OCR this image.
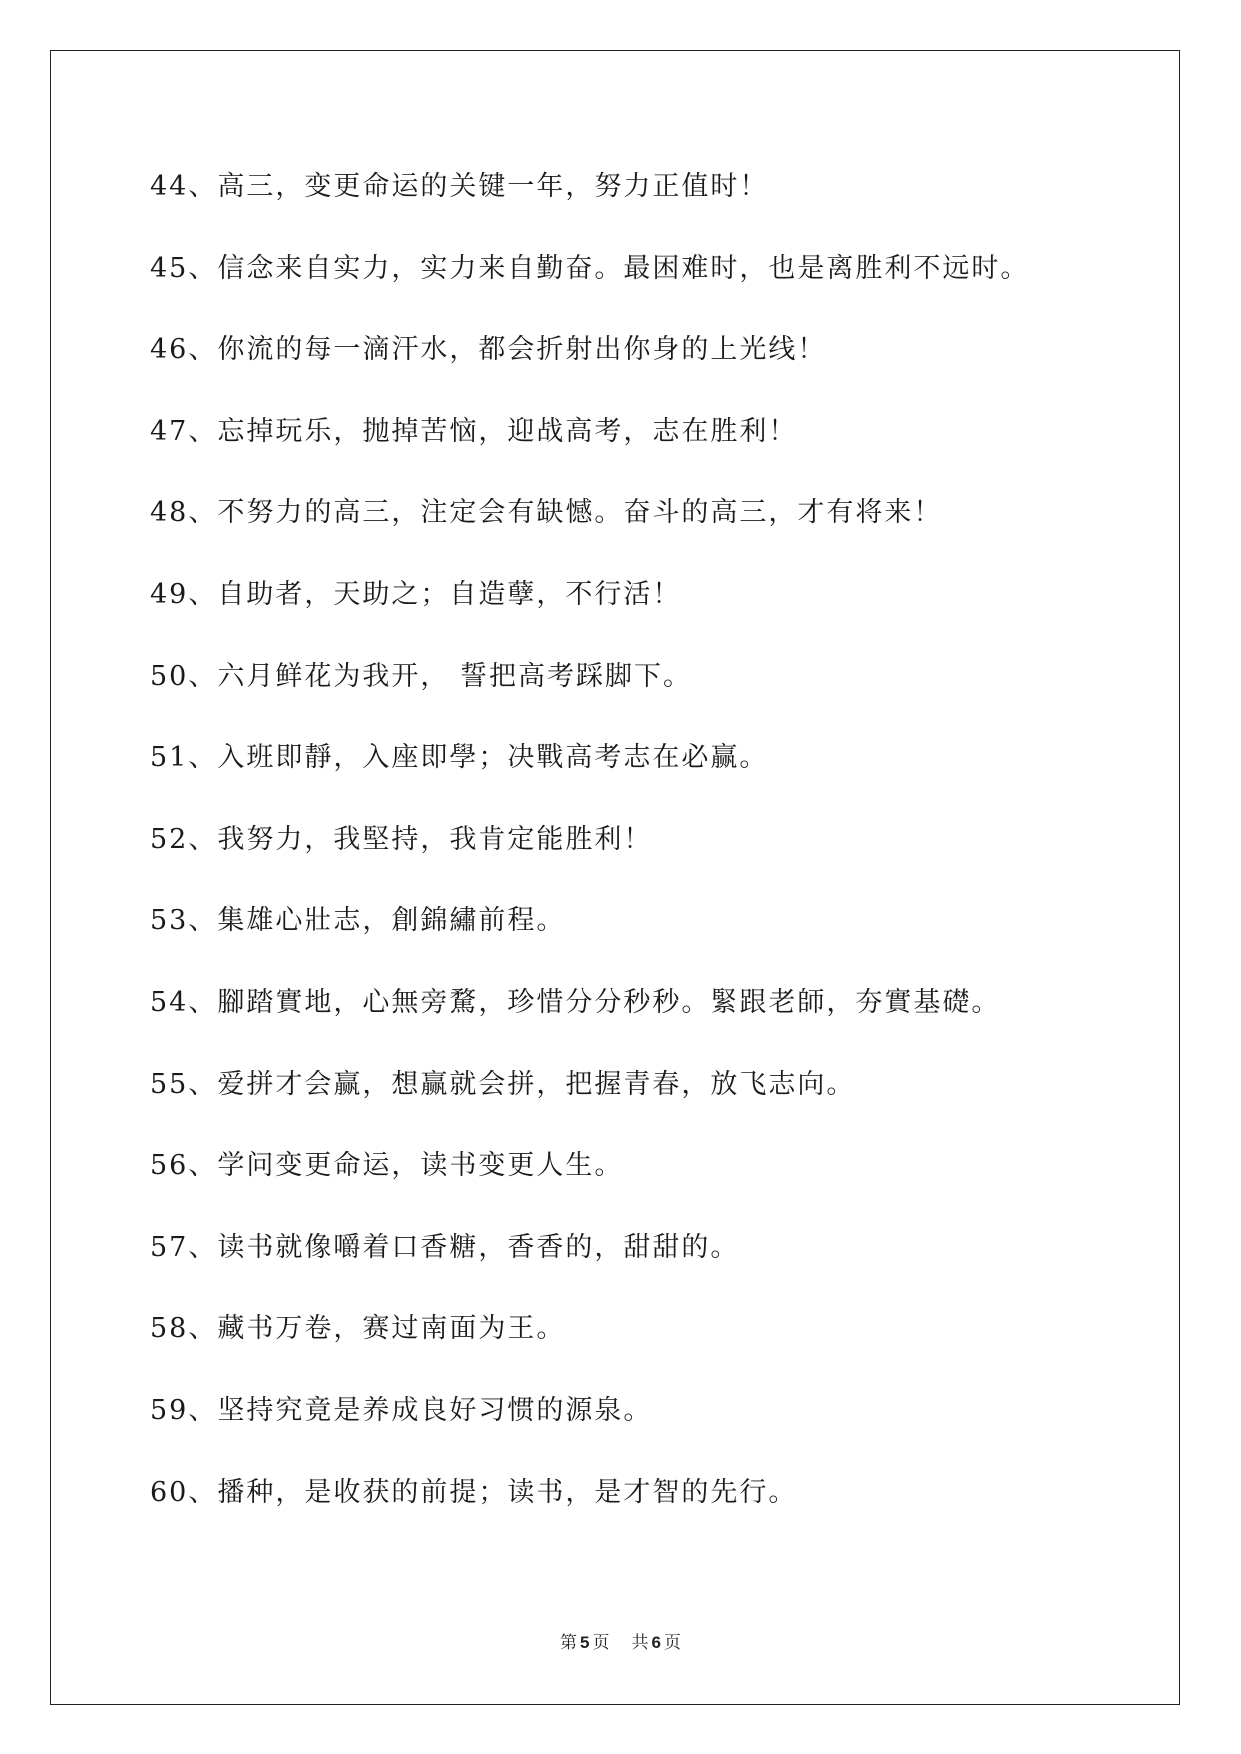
44、高三，变更命运的关键一年，努力正值时！
45、信念来自实力，实力来自勤奋。最困难时，也是离胜利不远时。
46、你流的每一滴汗水，都会折射出你身的上光线！
47、忘掉玩乐，抛掉苦恼，迎战高考，志在胜利！
48、不努力的高三，注定会有缺憾。奋斗的高三，才有将来！
49、自助者，天助之；自造孽，不行活！
50、六月鲜花为我开， 誓把高考踩脚下。
51、入班即靜，入座即學；决戰高考志在必赢。
52、我努力，我堅持，我肯定能胜利！
53、集雄心壯志，創錦繡前程。
54、腳踏實地，心無旁騖，珍惜分分秒秒。緊跟老師，夯實基礎。
55、爱拼才会赢，想赢就会拼，把握青春，放飞志向。
56、学问变更命运，读书变更人生。
57、读书就像嚼着口香糖，香香的，甜甜的。
58、藏书万卷，赛过南面为王。
59、坚持究竟是养成良好习惯的源泉。
60、播种，是收获的前提；读书，是才智的先行。
第 5 页 共 6 页
